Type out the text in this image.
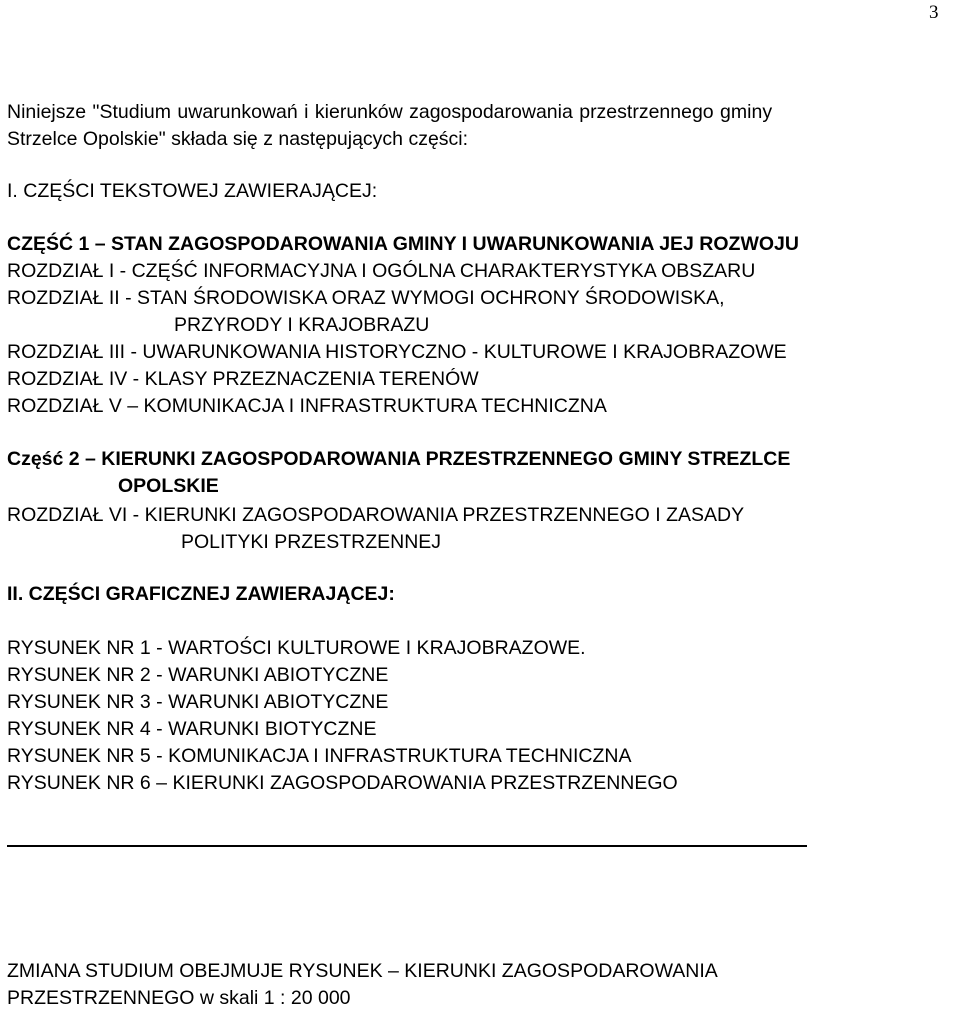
3
Niniejsze "Studium uwarunkowań i kierunków zagospodarowania przestrzennego gminy
Strzelce Opolskie" składa się z następujących części:
I. CZĘŚCI TEKSTOWEJ ZAWIERAJĄCEJ:
CZĘŚĆ 1 – STAN ZAGOSPODAROWANIA GMINY I UWARUNKOWANIA JEJ ROZWOJU
ROZDZIAŁ I - CZĘŚĆ INFORMACYJNA I OGÓLNA CHARAKTERYSTYKA OBSZARU
ROZDZIAŁ II - STAN ŚRODOWISKA ORAZ WYMOGI OCHRONY ŚRODOWISKA,
PRZYRODY I KRAJOBRAZU
ROZDZIAŁ III - UWARUNKOWANIA HISTORYCZNO - KULTUROWE I KRAJOBRAZOWE
ROZDZIAŁ IV - KLASY PRZEZNACZENIA TERENÓW
ROZDZIAŁ V – KOMUNIKACJA I INFRASTRUKTURA TECHNICZNA
Część 2 – KIERUNKI ZAGOSPODAROWANIA PRZESTRZENNEGO GMINY STREZLCE
OPOLSKIE
ROZDZIAŁ VI - KIERUNKI ZAGOSPODAROWANIA PRZESTRZENNEGO I ZASADY
POLITYKI PRZESTRZENNEJ
II. CZĘŚCI GRAFICZNEJ ZAWIERAJĄCEJ:
RYSUNEK NR 1 - WARTOŚCI KULTUROWE I KRAJOBRAZOWE.
RYSUNEK NR 2 - WARUNKI ABIOTYCZNE
RYSUNEK NR 3 - WARUNKI ABIOTYCZNE
RYSUNEK NR 4 - WARUNKI BIOTYCZNE
RYSUNEK NR 5 - KOMUNIKACJA I INFRASTRUKTURA TECHNICZNA
RYSUNEK NR 6 – KIERUNKI ZAGOSPODAROWANIA PRZESTRZENNEGO
ZMIANA STUDIUM OBEJMUJE RYSUNEK – KIERUNKI ZAGOSPODAROWANIA
PRZESTRZENNEGO w skali 1 : 20 000
